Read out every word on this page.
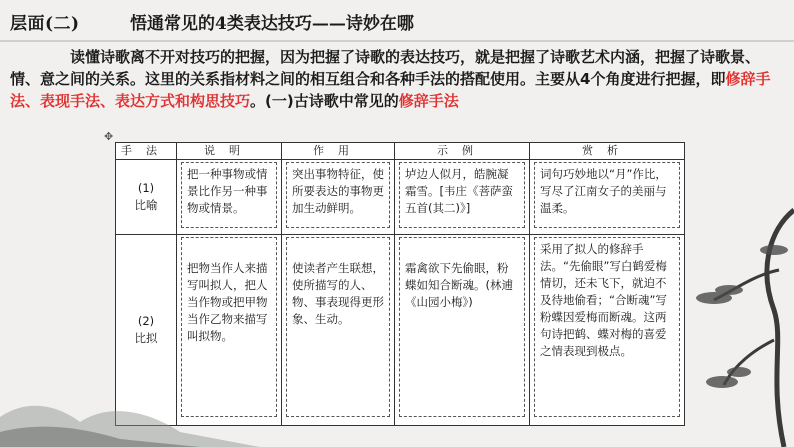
层面(二)	悟通常见的4类表达技巧——诗妙在哪
读懂诗歌离不开对技巧的把握，因为把握了诗歌的表达技巧，就是把握了诗歌艺术内涵，把握了诗歌景、情、意之间的关系。这里的关系指材料之间的相互组合和各种手法的搭配使用。主要从4个角度进行把握，即修辞手法、表现手法、表达方式和构思技巧。(一)古诗歌中常见的修辞手法
✥
手法	说明	作用	示例	赏析

(1)
比喻	把一种事物或情景比作另一种事物或情景。	突出事物特征，使所要表达的事物更加生动鲜明。	垆边人似月，皓腕凝霜雪。[韦庄《菩萨蛮五首(其二)》]	词句巧妙地以“月”作比，写尽了江南女子的美丽与温柔。

(2)
比拟	把物当作人来描写叫拟人，把人当作物或把甲物当作乙物来描写叫拟物。	使读者产生联想，使所描写的人、物、事表现得更形象、生动。	霜禽欲下先偷眼，粉蝶如知合断魂。(林逋《山园小梅》)	采用了拟人的修辞手法。“先偷眼”写白鹤爱梅情切，还未飞下，就迫不及待地偷看；“合断魂”写粉蝶因爱梅而断魂。这两句诗把鹤、蝶对梅的喜爱之情表现到极点。
